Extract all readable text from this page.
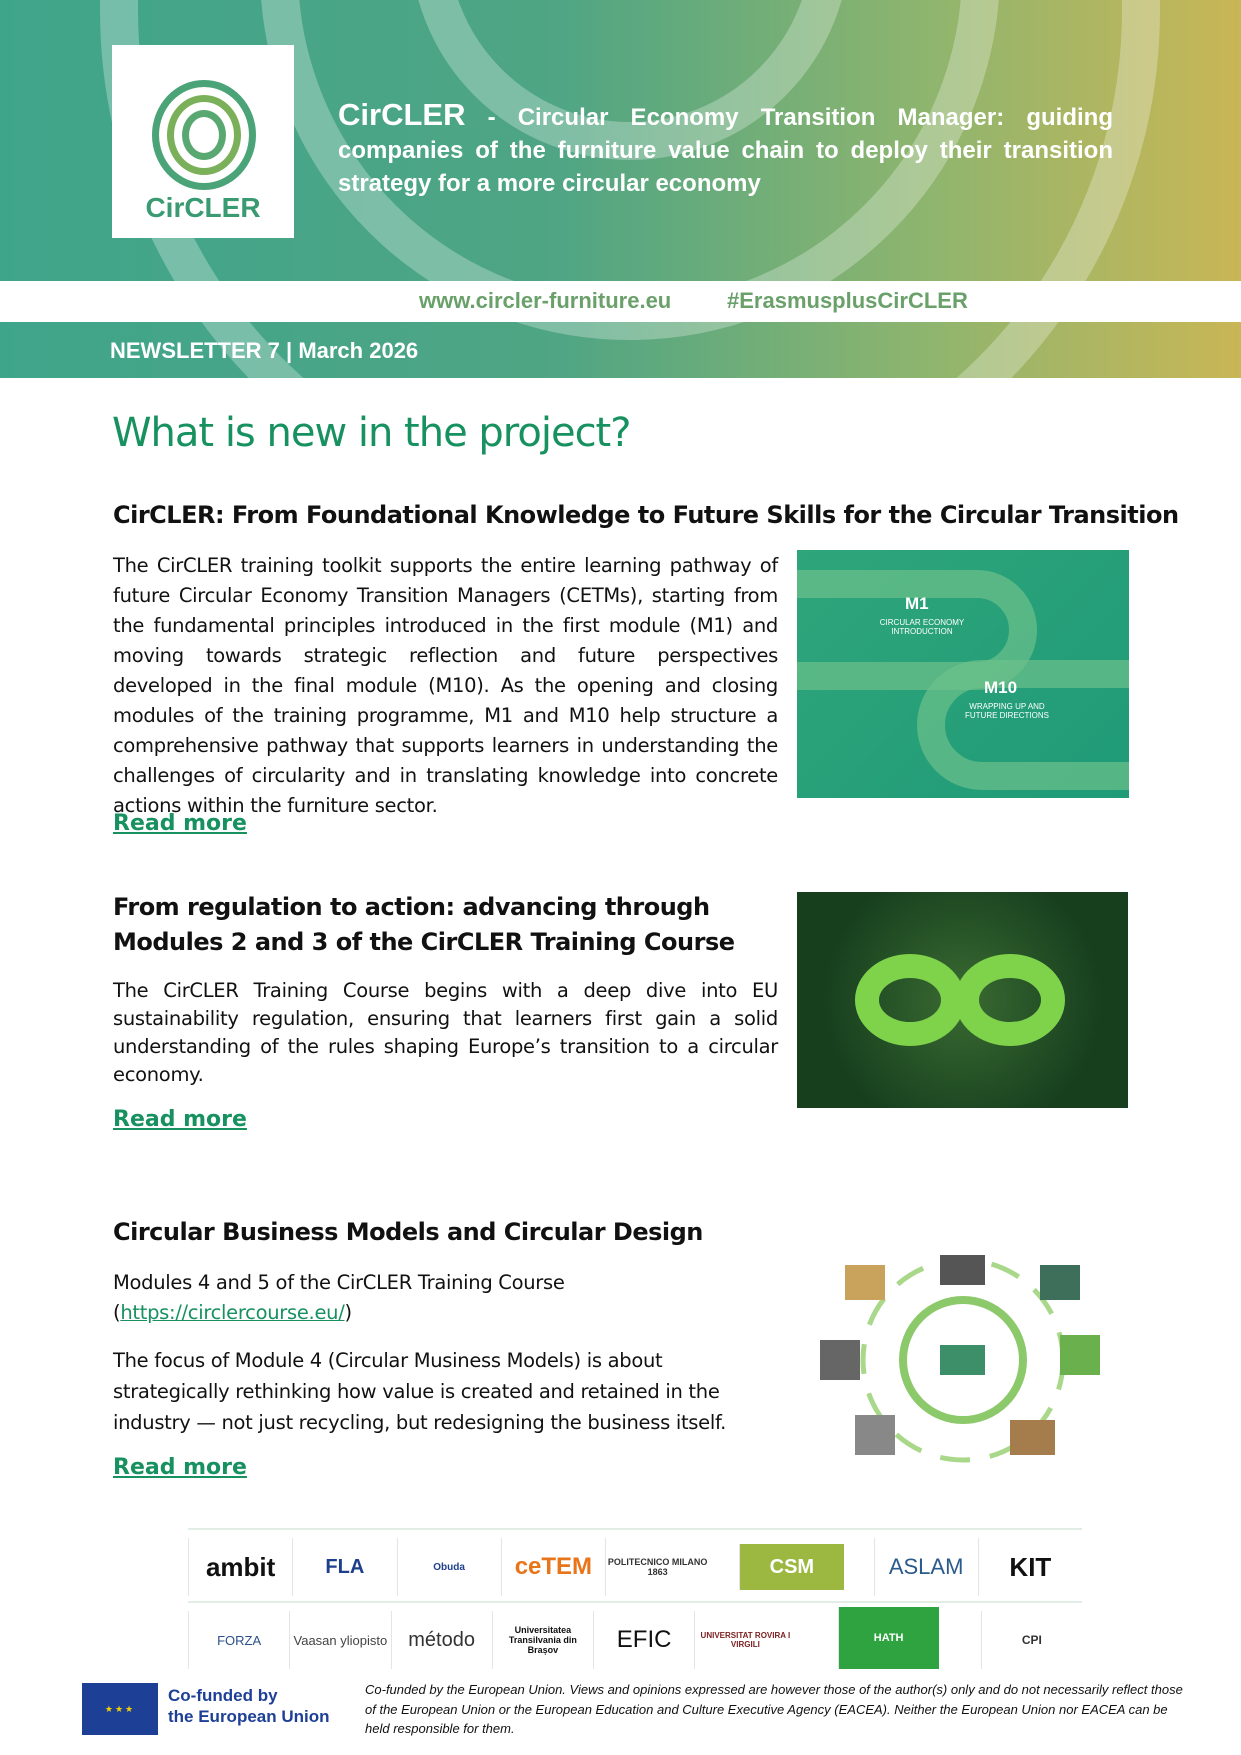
CirCLER
CirCLER - Circular Economy Transition Manager: guiding companies of the furniture value chain to deploy their transition strategy for a more circular economy
www.circler-furniture.eu	#ErasmusplusCirCLER
NEWSLETTER 7 | March 2026
What is new in the project?
CirCLER: From Foundational Knowledge to Future Skills for the Circular Transition
The CirCLER training toolkit supports the entire learning pathway of future Circular Economy Transition Managers (CETMs), starting from the fundamental principles introduced in the first module (M1) and moving towards strategic reflection and future perspectives developed in the final module (M10). As the opening and closing modules of the training programme, M1 and M10 help structure a comprehensive pathway that supports learners in understanding the challenges of circularity and in translating knowledge into concrete actions within the furniture sector.
M1
CIRCULAR ECONOMY INTRODUCTION
M10
WRAPPING UP AND FUTURE DIRECTIONS
Read more
From regulation to action: advancing through Modules 2 and 3 of the CirCLER Training Course
The CirCLER Training Course begins with a deep dive into EU sustainability regulation, ensuring that learners first gain a solid understanding of the rules shaping Europe’s transition to a circular economy.
Read more
Circular Business Models and Circular Design
Modules 4 and 5 of the CirCLER Training Course
(https://circlercourse.eu/)
The focus of Module 4 (Circular Musiness Models) is about strategically rethinking how value is created and retained in the industry — not just recycling, but redesigning the business itself.
Read more
ambit	FLA	Obuda	ceTEM	POLITECNICO MILANO 1863	CSM	ASLAM	KIT
FORZA	Vaasan yliopisto	método	Universitatea Transilvania din Brașov	EFIC	UNIVERSITAT ROVIRA I VIRGILI
HATH	CPI
★★★
Co-funded by
the European Union
Co-funded by the European Union. Views and opinions expressed are however those of the author(s) only and do not necessarily reflect those of the European Union or the European Education and Culture Executive Agency (EACEA). Neither the European Union nor EACEA can be held responsible for them.
